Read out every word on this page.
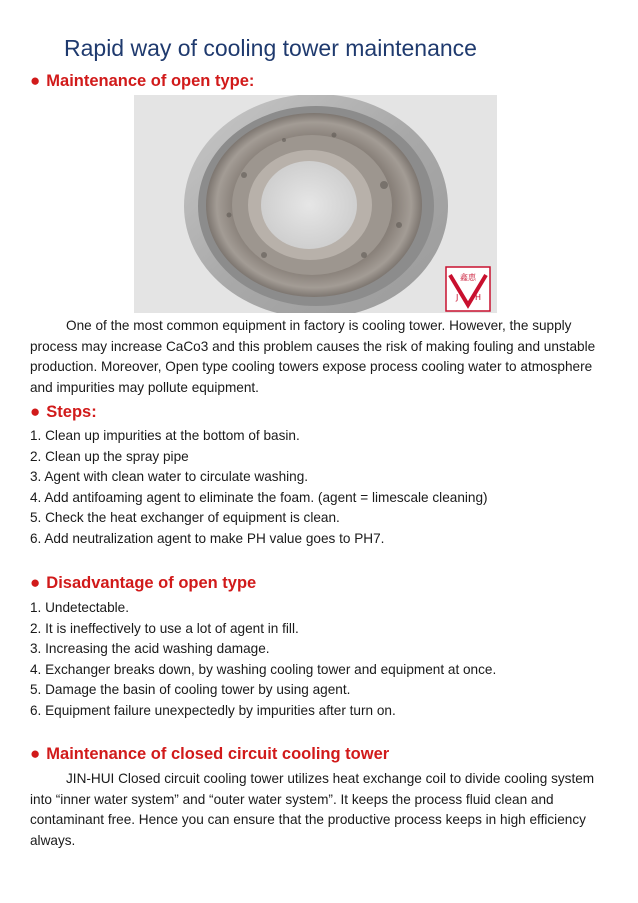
Rapid way of cooling tower maintenance
● Maintenance of open type:
鑫惠
J H
One of the most common equipment in factory is cooling tower. However, the supply process may increase CaCo3 and this problem causes the risk of making fouling and unstable production. Moreover, Open type cooling towers expose process cooling water to atmosphere and impurities may pollute equipment.
● Steps:
1. Clean up impurities at the bottom of basin.
2. Clean up the spray pipe
3. Agent with clean water to circulate washing.
4. Add antifoaming agent to eliminate the foam. (agent = limescale cleaning)
5. Check the heat exchanger of equipment is clean.
6. Add neutralization agent to make PH value goes to PH7.
● Disadvantage of open type
1. Undetectable.
2. It is ineffectively to use a lot of agent in fill.
3. Increasing the acid washing damage.
4. Exchanger breaks down, by washing cooling tower and equipment at once.
5. Damage the basin of cooling tower by using agent.
6. Equipment failure unexpectedly by impurities after turn on.
● Maintenance of closed circuit cooling tower
JIN-HUI Closed circuit cooling tower utilizes heat exchange coil to divide cooling system into “inner water system” and “outer water system”. It keeps the process fluid clean and contaminant free. Hence you can ensure that the productive process keeps in high efficiency always.
